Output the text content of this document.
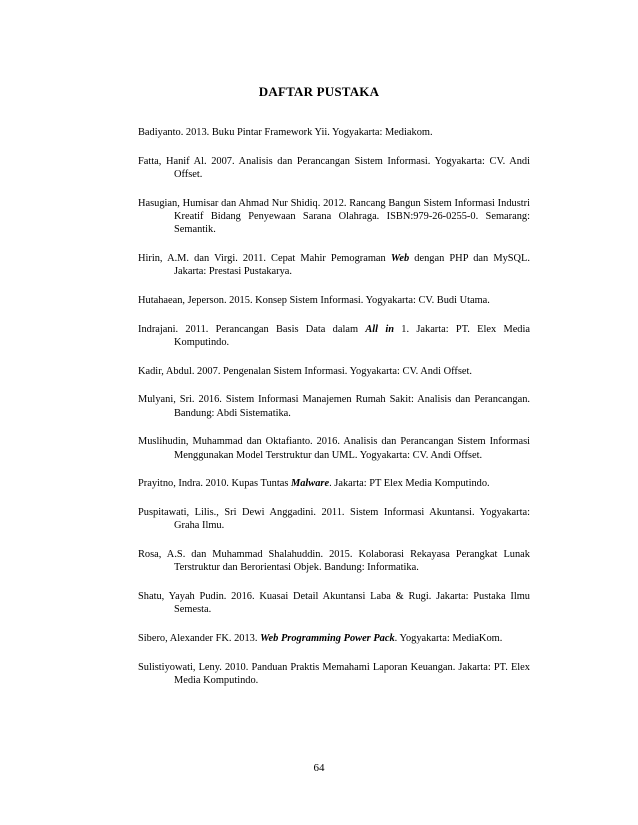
DAFTAR PUSTAKA
Badiyanto. 2013. Buku Pintar Framework Yii. Yogyakarta: Mediakom.
Fatta, Hanif Al. 2007. Analisis dan Perancangan Sistem Informasi. Yogyakarta: CV. Andi Offset.
Hasugian, Humisar dan Ahmad Nur Shidiq. 2012. Rancang Bangun Sistem Informasi Industri Kreatif Bidang Penyewaan Sarana Olahraga. ISBN:979-26-0255-0. Semarang: Semantik.
Hirin, A.M. dan Virgi. 2011. Cepat Mahir Pemograman Web dengan PHP dan MySQL. Jakarta: Prestasi Pustakarya.
Hutahaean, Jeperson. 2015. Konsep Sistem Informasi. Yogyakarta: CV. Budi Utama.
Indrajani. 2011. Perancangan Basis Data dalam All in 1. Jakarta: PT. Elex Media Komputindo.
Kadir, Abdul. 2007. Pengenalan Sistem Informasi. Yogyakarta: CV. Andi Offset.
Mulyani, Sri. 2016. Sistem Informasi Manajemen Rumah Sakit: Analisis dan Perancangan. Bandung: Abdi Sistematika.
Muslihudin, Muhammad dan Oktafianto. 2016. Analisis dan Perancangan Sistem Informasi Menggunakan Model Terstruktur dan UML. Yogyakarta: CV. Andi Offset.
Prayitno, Indra. 2010. Kupas Tuntas Malware. Jakarta: PT Elex Media Komputindo.
Puspitawati, Lilis., Sri Dewi Anggadini. 2011. Sistem Informasi Akuntansi. Yogyakarta: Graha Ilmu.
Rosa, A.S. dan Muhammad Shalahuddin. 2015. Kolaborasi Rekayasa Perangkat Lunak Terstruktur dan Berorientasi Objek. Bandung: Informatika.
Shatu, Yayah Pudin. 2016. Kuasai Detail Akuntansi Laba & Rugi. Jakarta: Pustaka Ilmu Semesta.
Sibero, Alexander FK. 2013. Web Programming Power Pack. Yogyakarta: MediaKom.
Sulistiyowati, Leny. 2010. Panduan Praktis Memahami Laporan Keuangan. Jakarta: PT. Elex Media Komputindo.
64
